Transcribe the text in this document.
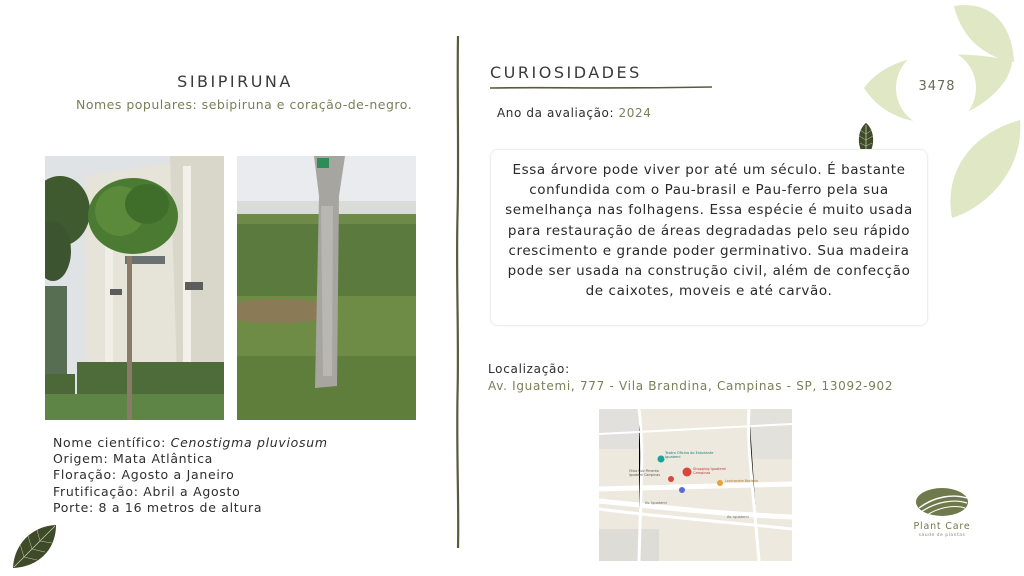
SIBIPIRUNA
Nomes populares: sebipiruna e coração-de-negro.
Nome científico: Cenostigma pluviosum
Origem: Mata Atlântica
Floração: Agosto a Janeiro
Frutificação: Abril a Agosto
Porte: 8 a 16 metros de altura
CURIOSIDADES
Ano da avaliação: 2024
Essa árvore pode viver por até um século. É bastante confundida com o Pau-brasil e Pau-ferro pela sua semelhança nas folhagens. Essa espécie é muito usada para restauração de áreas degradadas pelo seu rápido crescimento e grande poder germinativo. Sua madeira pode ser usada na construção civil, além de confecção de caixotes, moveis e até carvão.
Localização:
Av. Iguatemi, 777 - Vila Brandina, Campinas - SP, 13092-902
Teatro Oficina do Estudante Iguatemi
Shopping Iguatemi Campinas
Ótica Luiz Pimenta Iguatemi Campinas
Lanchonete Bacteria
Av. Iguatemi
Av. Iguatemi
3478
Plant Care
saude de plantas
